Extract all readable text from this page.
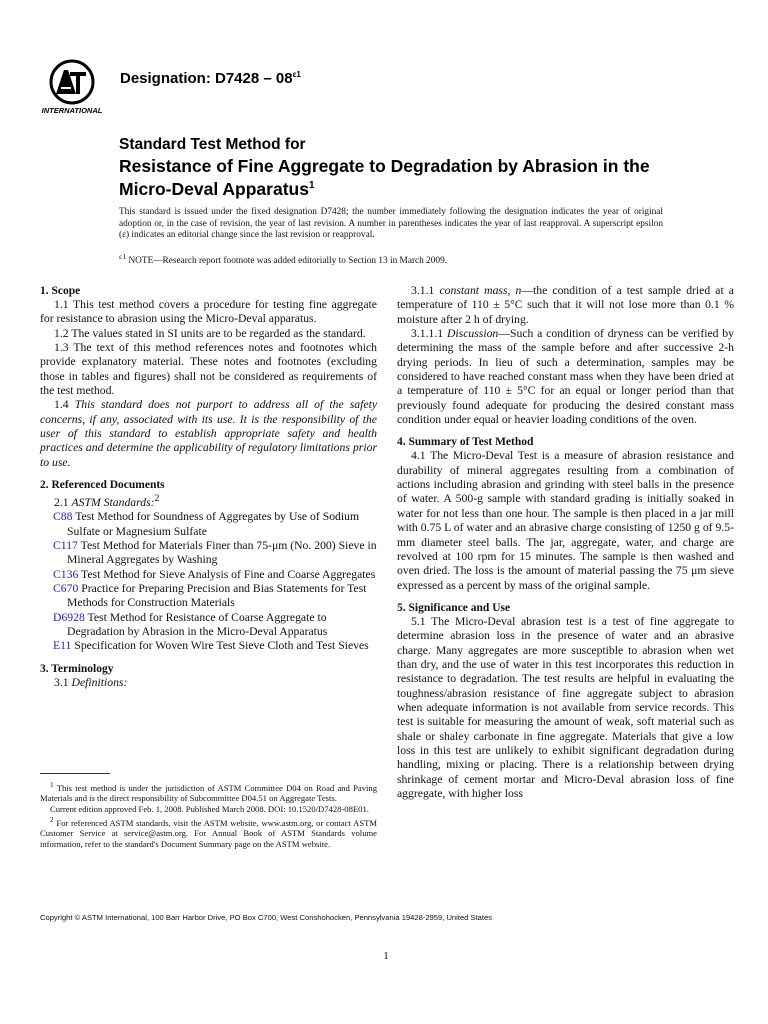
INTERNATIONAL
Designation: $D7428 - 08^{\varepsilon 1}$

Standard Test Method for

Resistance of Fine Aggregate to Degradation by Abrasion in the Micro-Deval Apparatus$^1$

This standard is issued under the fixed designation D7428; the number immediately following the designation indicates the year of original adoption or, in the case of revision, the year of last revision. A number in parentheses indicates the year of last reapproval. A superscript epsilon (ε) indicates an editorial change since the last revision or reapproval.

$^{\varepsilon 1}$ NOTE—Research report footnote was added editorially to Section 13 in March 2009.

1. Scope

1.1 This test method covers a procedure for testing fine aggregate for resistance to abrasion using the Micro-Deval apparatus.

1.2 The values stated in SI units are to be regarded as the standard.

1.3 The text of this method references notes and footnotes which provide explanatory material. These notes and footnotes (excluding those in tables and figures) shall not be considered as requirements of the test method.

1.4 This standard does not purport to address all of the safety concerns, if any, associated with its use. It is the responsibility of the user of this standard to establish appropriate safety and health practices and determine the applicability of regulatory limitations prior to use.

2. Referenced Documents

2.1 ASTM Standards:$^2$

C88 Test Method for Soundness of Aggregates by Use of Sodium Sulfate or Magnesium Sulfate

C117 Test Method for Materials Finer than 75-μm (No. 200) Sieve in Mineral Aggregates by Washing

C136 Test Method for Sieve Analysis of Fine and Coarse Aggregates

C670 Practice for Preparing Precision and Bias Statements for Test Methods for Construction Materials

D6928 Test Method for Resistance of Coarse Aggregate to Degradation by Abrasion in the Micro-Deval Apparatus

E11 Specification for Woven Wire Test Sieve Cloth and Test Sieves

3. Terminology

3.1 Definitions:

$^1$ This test method is under the jurisdiction of ASTM Committee D04 on Road and Paving Materials and is the direct responsibility of Subcommittee D04.51 on Aggregate Tests.

Current edition approved Feb. 1, 2008. Published March 2008. DOI: 10.1520/D7428-08E01.

$^2$ For referenced ASTM standards, visit the ASTM website, www.astm.org, or contact ASTM Customer Service at service@astm.org. For Annual Book of ASTM Standards volume information, refer to the standard's Document Summary page on the ASTM website.

3.1.1 constant mass, n—the condition of a test sample dried at a temperature of 110 ± 5°C such that it will not lose more than 0.1 % moisture after 2 h of drying.

3.1.1.1 Discussion—Such a condition of dryness can be verified by determining the mass of the sample before and after successive 2-h drying periods. In lieu of such a determination, samples may be considered to have reached constant mass when they have been dried at a temperature of 110 ± 5°C for an equal or longer period than that previously found adequate for producing the desired constant mass condition under equal or heavier loading conditions of the oven.

4. Summary of Test Method

4.1 The Micro-Deval Test is a measure of abrasion resistance and durability of mineral aggregates resulting from a combination of actions including abrasion and grinding with steel balls in the presence of water. A 500-g sample with standard grading is initially soaked in water for not less than one hour. The sample is then placed in a jar mill with 0.75 L of water and an abrasive charge consisting of 1250 g of 9.5-mm diameter steel balls. The jar, aggregate, water, and charge are revolved at 100 rpm for 15 minutes. The sample is then washed and oven dried. The loss is the amount of material passing the 75 μm sieve expressed as a percent by mass of the original sample.

5. Significance and Use

5.1 The Micro-Deval abrasion test is a test of fine aggregate to determine abrasion loss in the presence of water and an abrasive charge. Many aggregates are more susceptible to abrasion when wet than dry, and the use of water in this test incorporates this reduction in resistance to degradation. The test results are helpful in evaluating the toughness/abrasion resistance of fine aggregate subject to abrasion when adequate information is not available from service records. This test is suitable for measuring the amount of weak, soft material such as shale or shaley carbonate in fine aggregate. Materials that give a low loss in this test are unlikely to exhibit significant degradation during handling, mixing or placing. There is a relationship between drying shrinkage of cement mortar and Micro-Deval abrasion loss of fine aggregate, with higher loss

Copyright © ASTM International, 100 Barr Harbor Drive, PO Box C700, West Conshohocken, Pennsylvania 19428-2959, United States
1
